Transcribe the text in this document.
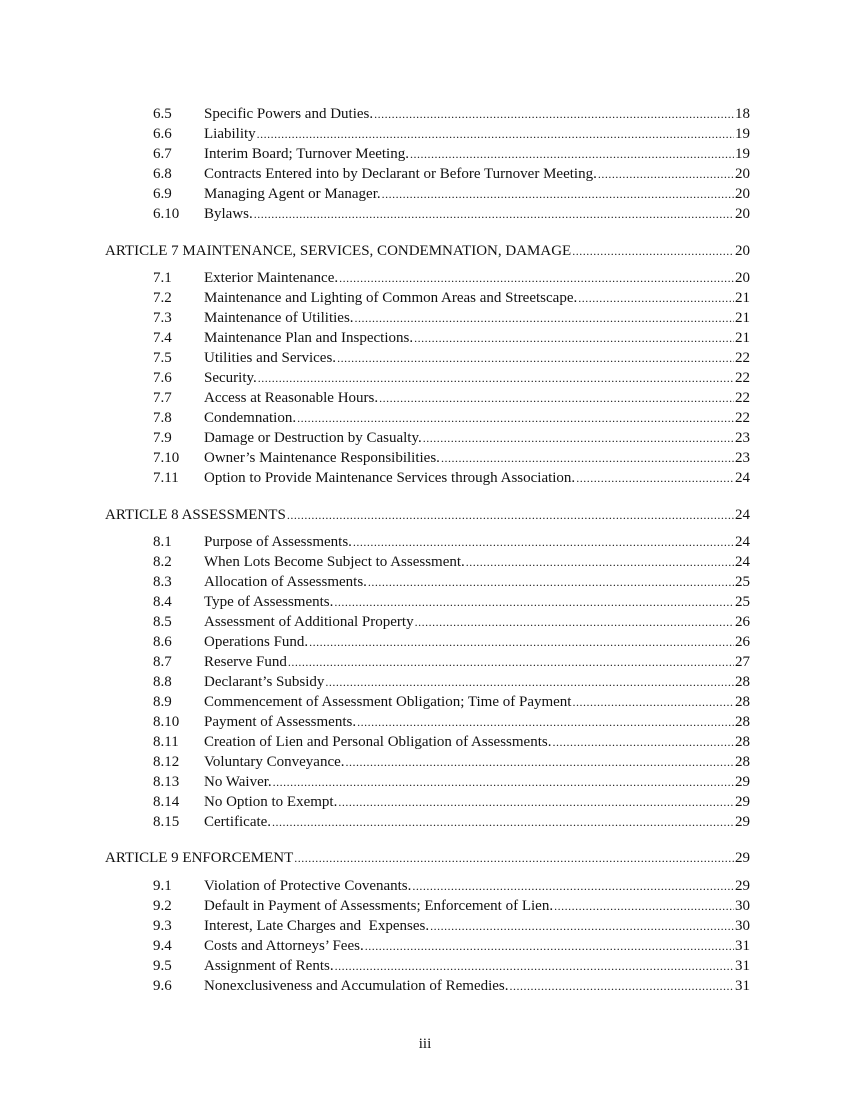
6.5	Specific Powers and Duties. .....	18
6.6	Liability .....	19
6.7	Interim Board; Turnover Meeting. .....	19
6.8	Contracts Entered into by Declarant or Before Turnover Meeting. .....	20
6.9	Managing Agent or Manager. .....	20
6.10	Bylaws. .....	20
ARTICLE 7 MAINTENANCE, SERVICES, CONDEMNATION, DAMAGE .....	20
7.1	Exterior Maintenance. .....	20
7.2	Maintenance and Lighting of Common Areas and Streetscape. .....	21
7.3	Maintenance of Utilities. .....	21
7.4	Maintenance Plan and Inspections. .....	21
7.5	Utilities and Services. .....	22
7.6	Security. .....	22
7.7	Access at Reasonable Hours. .....	22
7.8	Condemnation. .....	22
7.9	Damage or Destruction by Casualty. .....	23
7.10	Owner’s Maintenance Responsibilities. .....	23
7.11	Option to Provide Maintenance Services through Association. .....	24
ARTICLE 8 ASSESSMENTS .....	24
8.1	Purpose of Assessments. .....	24
8.2	When Lots Become Subject to Assessment. .....	24
8.3	Allocation of Assessments. .....	25
8.4	Type of Assessments. .....	25
8.5	Assessment of Additional Property .....	26
8.6	Operations Fund. .....	26
8.7	Reserve Fund .....	27
8.8	Declarant’s Subsidy .....	28
8.9	Commencement of Assessment Obligation; Time of Payment .....	28
8.10	Payment of Assessments. .....	28
8.11	Creation of Lien and Personal Obligation of Assessments. .....	28
8.12	Voluntary Conveyance. .....	28
8.13	No Waiver. .....	29
8.14	No Option to Exempt. .....	29
8.15	Certificate. .....	29
ARTICLE 9 ENFORCEMENT .....	29
9.1	Violation of Protective Covenants. .....	29
9.2	Default in Payment of Assessments; Enforcement of Lien. .....	30
9.3	Interest, Late Charges and  Expenses. .....	30
9.4	Costs and Attorneys’ Fees. .....	31
9.5	Assignment of Rents. .....	31
9.6	Nonexclusiveness and Accumulation of Remedies. .....	31
iii
